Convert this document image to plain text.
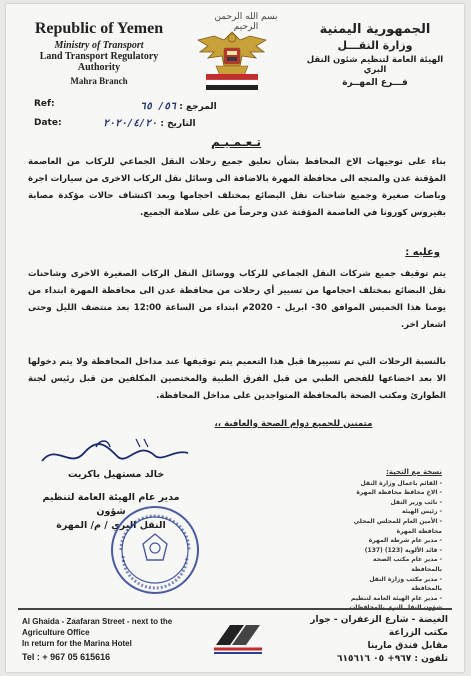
بسم الله الرحمن الرحيم
Republic of Yemen
Ministry of Transport
Land Transport Regulatory Authority
Mahra Branch
الجمهورية اليمنية
وزارة النقـــل
الهيئة العامة لتنظيم شئون النقل البري
فـــرع المهــرة
Ref:	المرجع : ٥٦/ ٦٥
Date:	التاريخ : ٢٠٢٠/٤/٢٠
تـعـمـيـم
بناء على توجيهات الاخ المحافظ بشأن تعليق جميع رحلات النقل الجماعي للركاب من العاصمة المؤقتة عدن والمتجه الى محافظة المهرة بالاضافة الى وسائل نقل الركاب الاخرى من سيارات اجرة وباصات صغيرة وجميع شاحنات نقل البضائع بمختلف احجامها وبعد اكتشاف حالات مؤكدة مصابة بفيروس كورونا في العاصمة المؤقتة عدن وحرصاً من على سلامة الجميع.
وعليه :
يتم توقيف جميع شركات النقل الجماعي للركاب ووسائل النقل الركاب الصغيرة الاخرى وشاحنات نقل البضائع بمختلف احجامها من تسيير أي رحلات من محافظة عدن الى محافظة المهرة ابتداء من يومنا هذا الخميس الموافق 30- ابريل - 2020م ابتداء من الساعة 12:00 بعد منتصف الليل وحتى اشعار اخر.
بالنسبة الرحلات التي تم تسييرها قبل هذا التعميم يتم توقيفها عند مداخل المحافظة ولا يتم دخولها الا بعد اخضاعها للفحص الطبي من قبل الفرق الطبية والمختصين المكلفين من قبل رئيس لجنة الطوارئ ومكتب الصحة بالمحافظة المتواجدين على مداخل المحافظة.
متمنين للجميع دوام الصحة والعافية ،،
خالد مستهيل باكريت
مدير عام الهيئة العامة لتنظيم شؤون
النقل البري / م/ المهرة
نسخة مع التحية:
- القائم باعمال وزارة النقل
- الاخ محافظ محافظة المهرة
- نائب وزير النقل
- رئيس الهيئة
- الأمين العام للمجلس المحلي محافظة المهرة
- مدير عام شرطة المهرة
- قائد الألوية (123) (137)
- مدير عام مكتب الصحة بالمحافظة
- مدير مكتب وزارة النقل بالمحافظة
- مدير عام الهيئة العامة لتنظيم شؤون النقل البري بالمحافظات
Al Ghaida - Zaafaran Street - next to the Agriculture Office
In return for the Marina Hotel
Tel : + 967 05 615616
الغيضة - شارع الزعفران - جوار مكتب الزراعة
مقابل فندق مارينا
تلفون : ٩٦٧+ ٠٥ ٦١٥٦١٦
